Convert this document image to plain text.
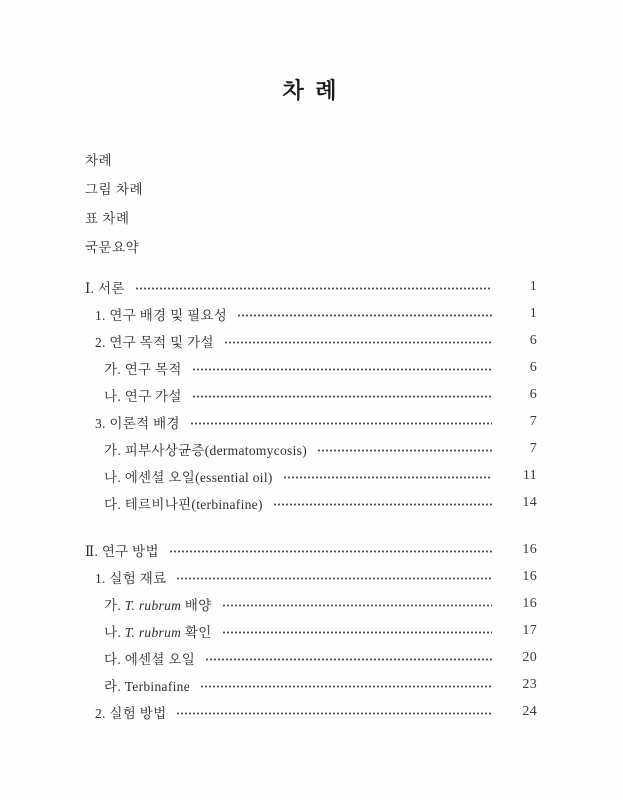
차 례
차례
그림 차례
표 차례
국문요약
Ⅰ. 서론	1
1. 연구 배경 및 필요성	1
2. 연구 목적 및 가설	6
가. 연구 목적	6
나. 연구 가설	6
3. 이론적 배경	7
가. 피부사상균증(dermatomycosis)	7
나. 에센셜 오일(essential oil)	11
다. 테르비나핀(terbinafine)	14
Ⅱ. 연구 방법	16
1. 실험 재료	16
가. T. rubrum 배양	16
나. T. rubrum 확인	17
다. 에센셜 오일	20
라. Terbinafine	23
2. 실험 방법	24
